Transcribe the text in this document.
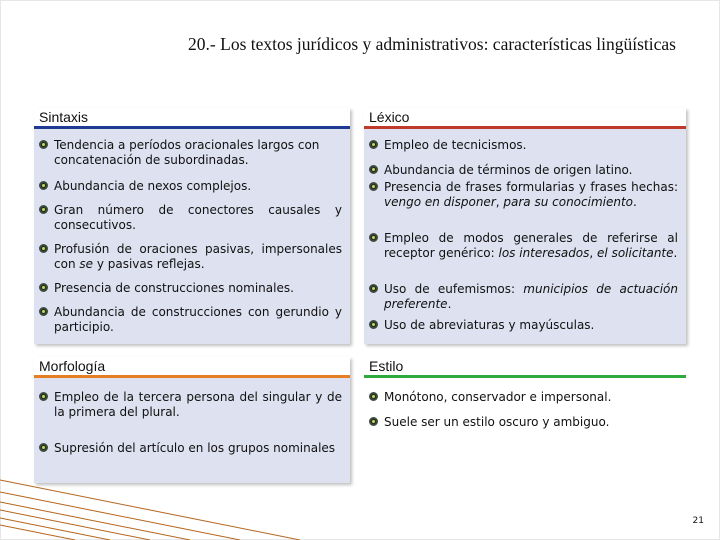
20.- Los textos jurídicos y administrativos: características lingüísticas
Sintaxis
Tendencia a períodos oracionales largos con concatenación de subordinadas.
Abundancia de nexos complejos.
Gran número de conectores causales y consecutivos.
Profusión de oraciones pasivas, impersonales con se y pasivas reflejas.
Presencia de construcciones nominales.
Abundancia de construcciones con gerundio y participio.
Léxico
Empleo de tecnicismos.
Abundancia de términos de origen latino.
Presencia de frases formularias y frases hechas: vengo en disponer, para su conocimiento.
Empleo de modos generales de referirse al receptor genérico: los interesados, el solicitante.
Uso de eufemismos: municipios de actuación preferente.
Uso de abreviaturas y mayúsculas.
Morfología
Empleo de la tercera persona del singular y de la primera del plural.
Supresión del artículo en los grupos nominales
Estilo
Monótono, conservador e impersonal.
Suele ser un estilo oscuro y ambiguo.
21
